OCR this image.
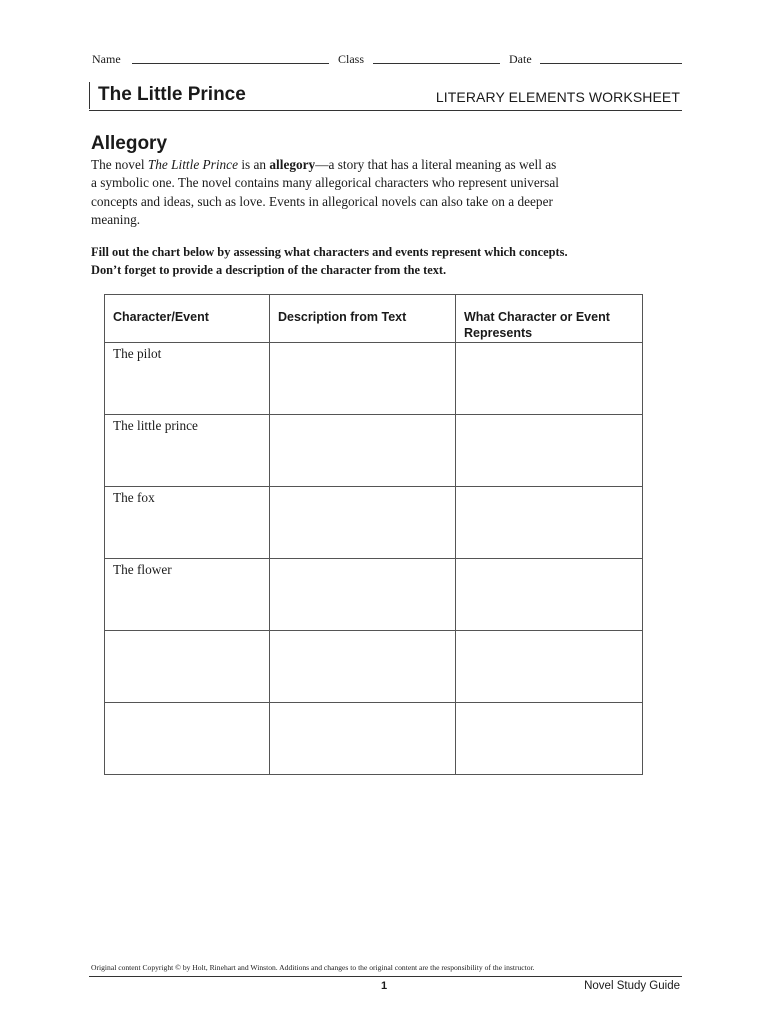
Name	Class	Date
The Little Prince	LITERARY ELEMENTS WORKSHEET
Allegory
The novel The Little Prince is an allegory—a story that has a literal meaning as well as a symbolic one. The novel contains many allegorical characters who represent universal concepts and ideas, such as love. Events in allegorical novels can also take on a deeper meaning.
Fill out the chart below by assessing what characters and events represent which concepts. Don’t forget to provide a description of the character from the text.
Character/Event	Description from Text	What Character or Event Represents
The pilot		
The little prince		
The fox		
The flower		

Original content Copyright © by Holt, Rinehart and Winston. Additions and changes to the original content are the responsibility of the instructor.
1	Novel Study Guide
